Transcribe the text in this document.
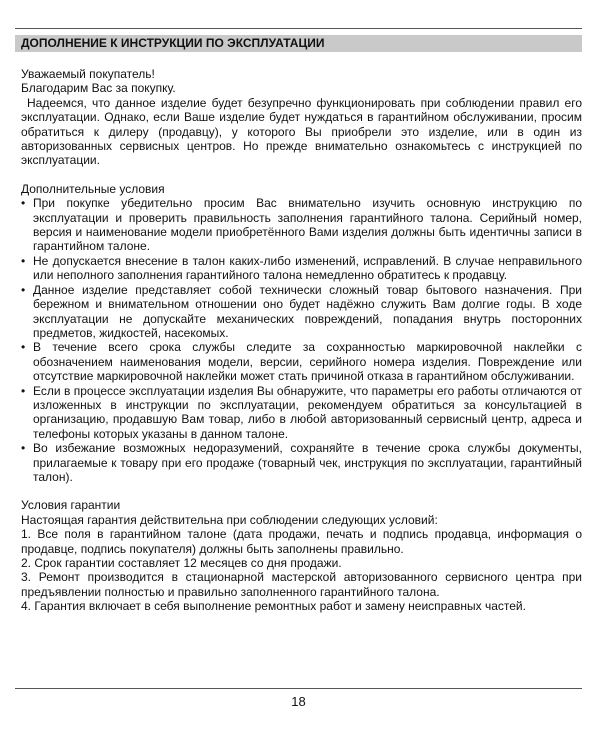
ДОПОЛНЕНИЕ К ИНСТРУКЦИИ ПО ЭКСПЛУАТАЦИИ

Уважаемый покупатель!

Благодарим Вас за покупку.

Надеемся, что данное изделие будет безупречно функционировать при соблюдении правил его эксплуатации. Однако, если Ваше изделие будет нуждаться в гарантийном обслуживании, просим обратиться к дилеру (продавцу), у которого Вы приобрели это изделие, или в один из авторизованных сервисных центров. Но прежде внимательно ознакомьтесь с инструкцией по эксплуатации.

Дополнительные условия

• При покупке убедительно просим Вас внимательно изучить основную инструкцию по эксплуатации и проверить правильность заполнения гарантийного талона. Серийный номер, версия и наименование модели приобретённого Вами изделия должны быть идентичны записи в гарантийном талоне.
• Не допускается внесение в талон каких-либо изменений, исправлений. В случае неправильного или неполного заполнения гарантийного талона немедленно обратитесь к продавцу.
• Данное изделие представляет собой технически сложный товар бытового назначения. При бережном и внимательном отношении оно будет надёжно служить Вам долгие годы. В ходе эксплуатации не допускайте механических повреждений, попадания внутрь посторонних предметов, жидкостей, насекомых.
• В течение всего срока службы следите за сохранностью маркировочной наклейки с обозначением наименования модели, версии, серийного номера изделия. Повреждение или отсутствие маркировочной наклейки может стать причиной отказа в гарантийном обслуживании.
• Если в процессе эксплуатации изделия Вы обнаружите, что параметры его работы отличаются от изложенных в инструкции по эксплуатации, рекомендуем обратиться за консультацией в организацию, продавшую Вам товар, либо в любой авторизованный сервисный центр, адреса и телефоны которых указаны в данном талоне.
• Во избежание возможных недоразумений, сохраняйте в течение срока службы документы, прилагаемые к товару при его продаже (товарный чек, инструкция по эксплуатации, гарантийный талон).

Условия гарантии

Настоящая гарантия действительна при соблюдении следующих условий:

1. Все поля в гарантийном талоне (дата продажи, печать и подпись продавца, информация о продавце, подпись покупателя) должны быть заполнены правильно.
2. Срок гарантии составляет 12 месяцев со дня продажи.
3. Ремонт производится в стационарной мастерской авторизованного сервисного центра при предъявлении полностью и правильно заполненного гарантийного талона.
4. Гарантия включает в себя выполнение ремонтных работ и замену неисправных частей.
18
